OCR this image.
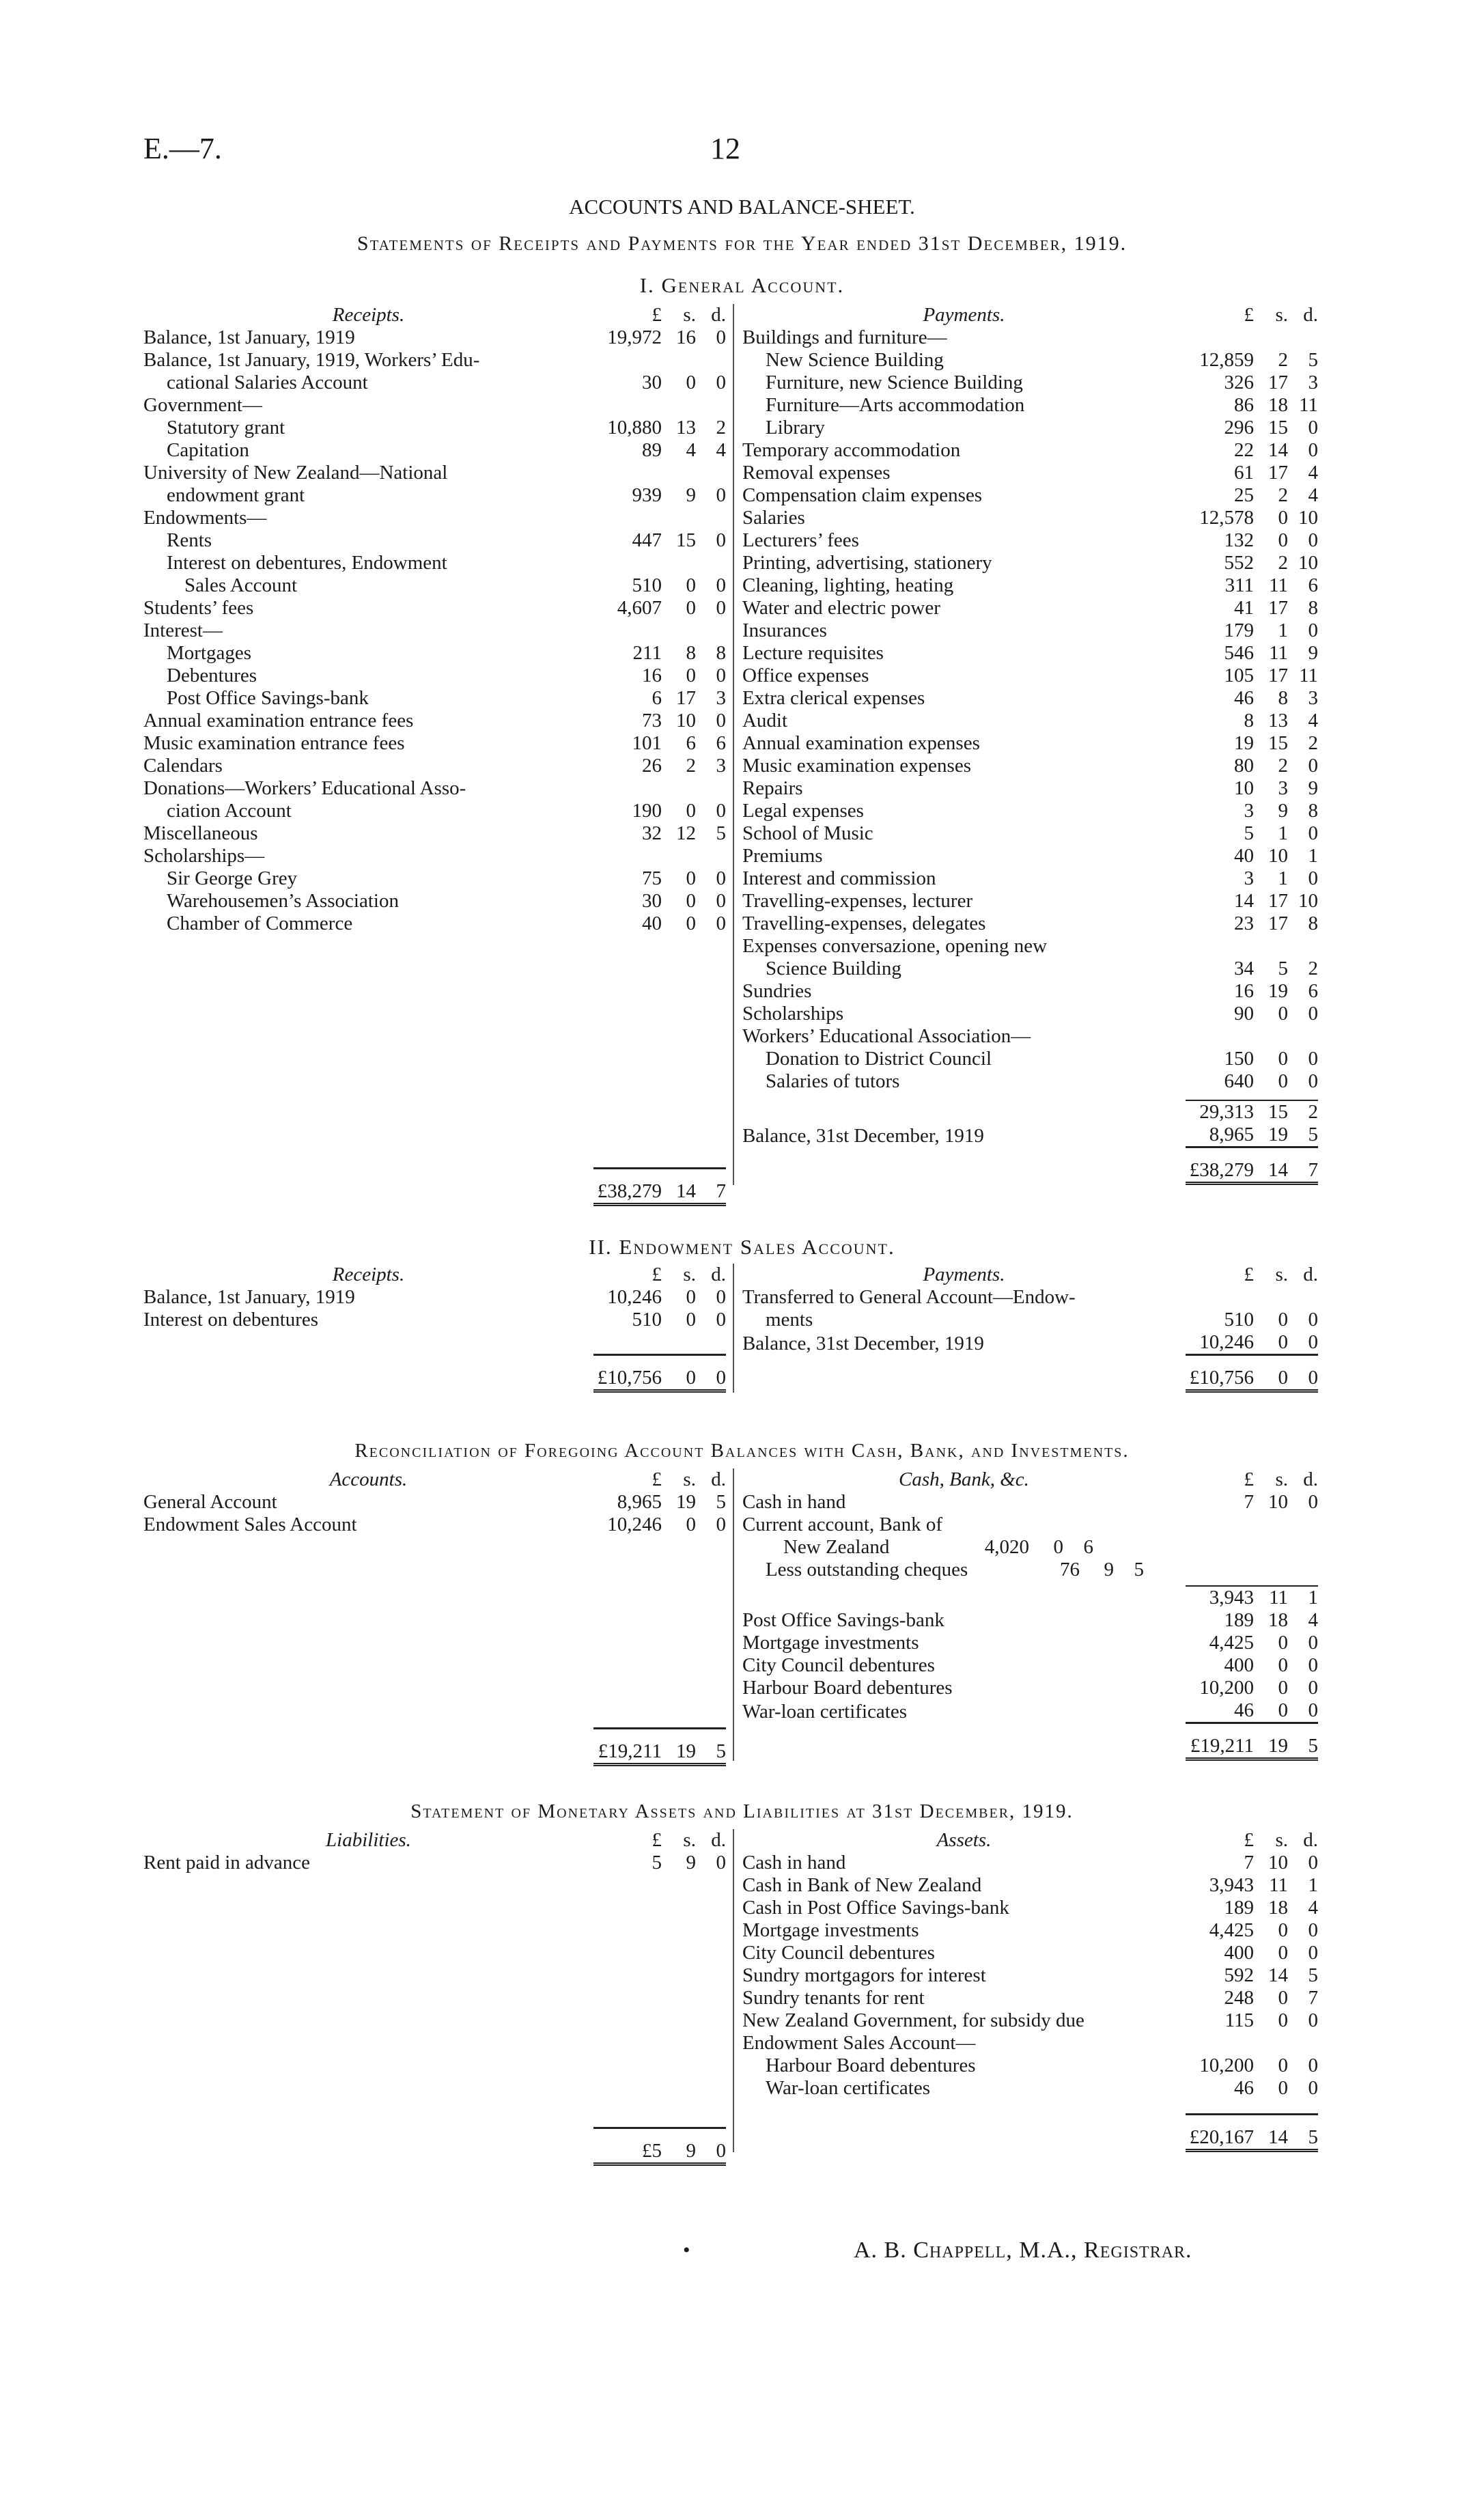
E.—7.	12
ACCOUNTS AND BALANCE-SHEET.
Statements of Receipts and Payments for the Year ended 31st December, 1919.
I. General Account.
Receipts.	£	s.	d.
Balance, 1st January, 1919	19,972	16	0
Balance, 1st January, 1919, Workers’ Edu-			
cational Salaries Account	30	0	0
Government—			
Statutory grant	10,880	13	2
Capitation	89	4	4
University of New Zealand—National			
endowment grant	939	9	0
Endowments—			
Rents	447	15	0
Interest on debentures, Endowment			
Sales Account	510	0	0
Students’ fees	4,607	0	0
Interest—			
Mortgages	211	8	8
Debentures	16	0	0
Post Office Savings-bank	6	17	3
Annual examination entrance fees	73	10	0
Music examination entrance fees	101	6	6
Calendars	26	2	3
Donations—Workers’ Educational Asso-			
ciation Account	190	0	0
Miscellaneous	32	12	5
Scholarships—			
Sir George Grey	75	0	0
Warehousemen’s Association	30	0	0
Chamber of Commerce	40	0	0

	£38,279	14	7
Payments.	£	s.	d.
Buildings and furniture—			
New Science Building	12,859	2	5
Furniture, new Science Building	326	17	3
Furniture—Arts accommodation	86	18	11
Library	296	15	0
Temporary accommodation	22	14	0
Removal expenses	61	17	4
Compensation claim expenses	25	2	4
Salaries	12,578	0	10
Lecturers’ fees	132	0	0
Printing, advertising, stationery	552	2	10
Cleaning, lighting, heating	311	11	6
Water and electric power	41	17	8
Insurances	179	1	0
Lecture requisites	546	11	9
Office expenses	105	17	11
Extra clerical expenses	46	8	3
Audit	8	13	4
Annual examination expenses	19	15	2
Music examination expenses	80	2	0
Repairs	10	3	9
Legal expenses	3	9	8
School of Music	5	1	0
Premiums	40	10	1
Interest and commission	3	1	0
Travelling-expenses, lecturer	14	17	10
Travelling-expenses, delegates	23	17	8
Expenses conversazione, opening new			
Science Building	34	5	2
Sundries	16	19	6
Scholarships	90	0	0
Workers’ Educational Association—			
Donation to District Council	150	0	0
Salaries of tutors	640	0	0

	29,313	15	2
Balance, 31st December, 1919	8,965	19	5
	£38,279	14	7
II. Endowment Sales Account.
Receipts.	£	s.	d.
Balance, 1st January, 1919	10,246	0	0
Interest on debentures	510	0	0

	£10,756	0	0
Payments.	£	s.	d.
Transferred to General Account—Endow-			
ments	510	0	0
Balance, 31st December, 1919	10,246	0	0
	£10,756	0	0
Reconciliation of Foregoing Account Balances with Cash, Bank, and Investments.
Accounts.	£	s.	d.
General Account	8,965	19	5
Endowment Sales Account	10,246	0	0

	£19,211	19	5
Cash, Bank, &c.	£	s.	d.
Cash in hand	7	10	0
Current account, Bank of			

New Zealand 4,020 0 6			

Less outstanding cheques 76 9 5			

	3,943	11	1
Post Office Savings-bank	189	18	4
Mortgage investments	4,425	0	0
City Council debentures	400	0	0
Harbour Board debentures	10,200	0	0
War-loan certificates	46	0	0
	£19,211	19	5
Statement of Monetary Assets and Liabilities at 31st December, 1919.
Liabilities.	£	s.	d.
Rent paid in advance	5	9	0

	£5	9	0
Assets.	£	s.	d.
Cash in hand	7	10	0
Cash in Bank of New Zealand	3,943	11	1
Cash in Post Office Savings-bank	189	18	4
Mortgage investments	4,425	0	0
City Council debentures	400	0	0
Sundry mortgagors for interest	592	14	5
Sundry tenants for rent	248	0	7
New Zealand Government, for subsidy due	115	0	0
Endowment Sales Account—			
Harbour Board debentures	10,200	0	0
War-loan certificates	46	0	0

	£20,167	14	5
•	A. B. Chappell, M.A., Registrar.
